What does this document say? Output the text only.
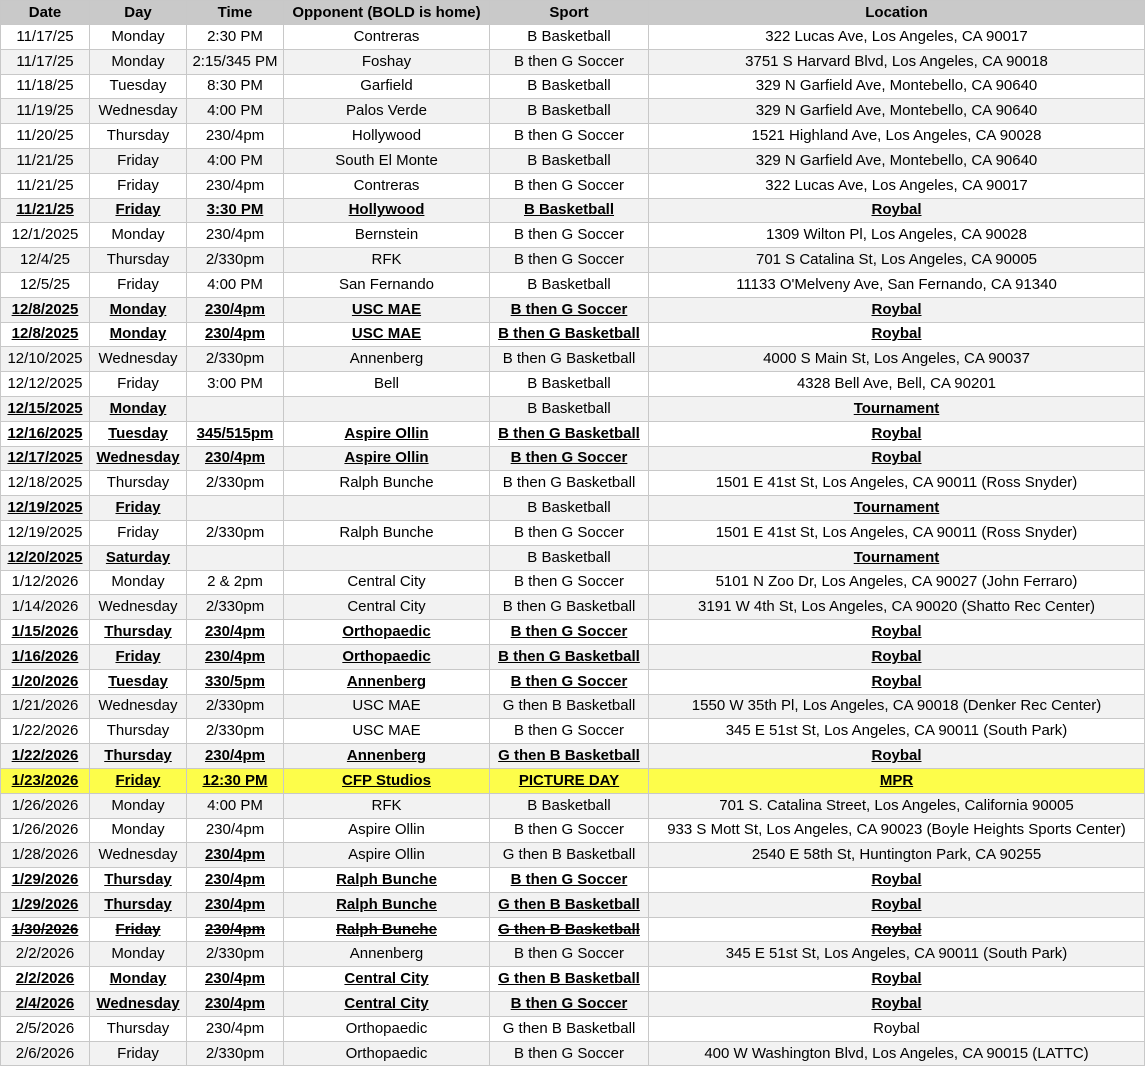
Date	Day	Time	Opponent (BOLD is home)	Sport	Location
11/17/25	Monday	2:30 PM	Contreras	B Basketball	322 Lucas Ave, Los Angeles, CA 90017
11/17/25	Monday	2:15/345 PM	Foshay	B then G Soccer	3751 S Harvard Blvd, Los Angeles, CA 90018
11/18/25	Tuesday	8:30 PM	Garfield	B Basketball	329 N Garfield Ave, Montebello, CA 90640
11/19/25	Wednesday	4:00 PM	Palos Verde	B Basketball	329 N Garfield Ave, Montebello, CA 90640
11/20/25	Thursday	230/4pm	Hollywood	B then G Soccer	1521 Highland Ave, Los Angeles, CA 90028
11/21/25	Friday	4:00 PM	South El Monte	B Basketball	329 N Garfield Ave, Montebello, CA 90640
11/21/25	Friday	230/4pm	Contreras	B then G Soccer	322 Lucas Ave, Los Angeles, CA 90017
11/21/25	Friday	3:30 PM	Hollywood	B Basketball	Roybal
12/1/2025	Monday	230/4pm	Bernstein	B then G Soccer	1309 Wilton Pl, Los Angeles, CA 90028
12/4/25	Thursday	2/330pm	RFK	B then G Soccer	701 S Catalina St, Los Angeles, CA 90005
12/5/25	Friday	4:00 PM	San Fernando	B Basketball	11133 O'Melveny Ave, San Fernando, CA 91340
12/8/2025	Monday	230/4pm	USC MAE	B then G Soccer	Roybal
12/8/2025	Monday	230/4pm	USC MAE	B then G Basketball	Roybal
12/10/2025	Wednesday	2/330pm	Annenberg	B then G Basketball	4000 S Main St, Los Angeles, CA 90037
12/12/2025	Friday	3:00 PM	Bell	B Basketball	4328 Bell Ave, Bell, CA 90201
12/15/2025	Monday			B Basketball	Tournament
12/16/2025	Tuesday	345/515pm	Aspire Ollin	B then G Basketball	Roybal
12/17/2025	Wednesday	230/4pm	Aspire Ollin	B then G Soccer	Roybal
12/18/2025	Thursday	2/330pm	Ralph Bunche	B then G Basketball	1501 E 41st St, Los Angeles, CA 90011 (Ross Snyder)
12/19/2025	Friday			B Basketball	Tournament
12/19/2025	Friday	2/330pm	Ralph Bunche	B then G Soccer	1501 E 41st St, Los Angeles, CA 90011 (Ross Snyder)
12/20/2025	Saturday			B Basketball	Tournament
1/12/2026	Monday	2 & 2pm	Central City	B then G Soccer	5101 N Zoo Dr, Los Angeles, CA 90027 (John Ferraro)
1/14/2026	Wednesday	2/330pm	Central City	B then G Basketball	3191 W 4th St, Los Angeles, CA 90020 (Shatto Rec Center)
1/15/2026	Thursday	230/4pm	Orthopaedic	B then G Soccer	Roybal
1/16/2026	Friday	230/4pm	Orthopaedic	B then G Basketball	Roybal
1/20/2026	Tuesday	330/5pm	Annenberg	B then G Soccer	Roybal
1/21/2026	Wednesday	2/330pm	USC MAE	G then B Basketball	1550 W 35th Pl, Los Angeles, CA 90018 (Denker Rec Center)
1/22/2026	Thursday	2/330pm	USC MAE	B then G Soccer	345 E 51st St, Los Angeles, CA 90011 (South Park)
1/22/2026	Thursday	230/4pm	Annenberg	G then B Basketball	Roybal
1/23/2026	Friday	12:30 PM	CFP Studios	PICTURE DAY	MPR
1/26/2026	Monday	4:00 PM	RFK	B Basketball	701 S. Catalina Street, Los Angeles, California 90005
1/26/2026	Monday	230/4pm	Aspire Ollin	B then G Soccer	933 S Mott St, Los Angeles, CA 90023 (Boyle Heights Sports Center)
1/28/2026	Wednesday	230/4pm	Aspire Ollin	G then B Basketball	2540 E 58th St, Huntington Park, CA 90255
1/29/2026	Thursday	230/4pm	Ralph Bunche	B then G Soccer	Roybal
1/29/2026	Thursday	230/4pm	Ralph Bunche	G then B Basketball	Roybal
1/30/2026	Friday	230/4pm	Ralph Bunche	G then B Basketball	Roybal
2/2/2026	Monday	2/330pm	Annenberg	B then G Soccer	345 E 51st St, Los Angeles, CA 90011 (South Park)
2/2/2026	Monday	230/4pm	Central City	G then B Basketball	Roybal
2/4/2026	Wednesday	230/4pm	Central City	B then G Soccer	Roybal
2/5/2026	Thursday	230/4pm	Orthopaedic	G then B Basketball	Roybal
2/6/2026	Friday	2/330pm	Orthopaedic	B then G Soccer	400 W Washington Blvd, Los Angeles, CA 90015 (LATTC)
